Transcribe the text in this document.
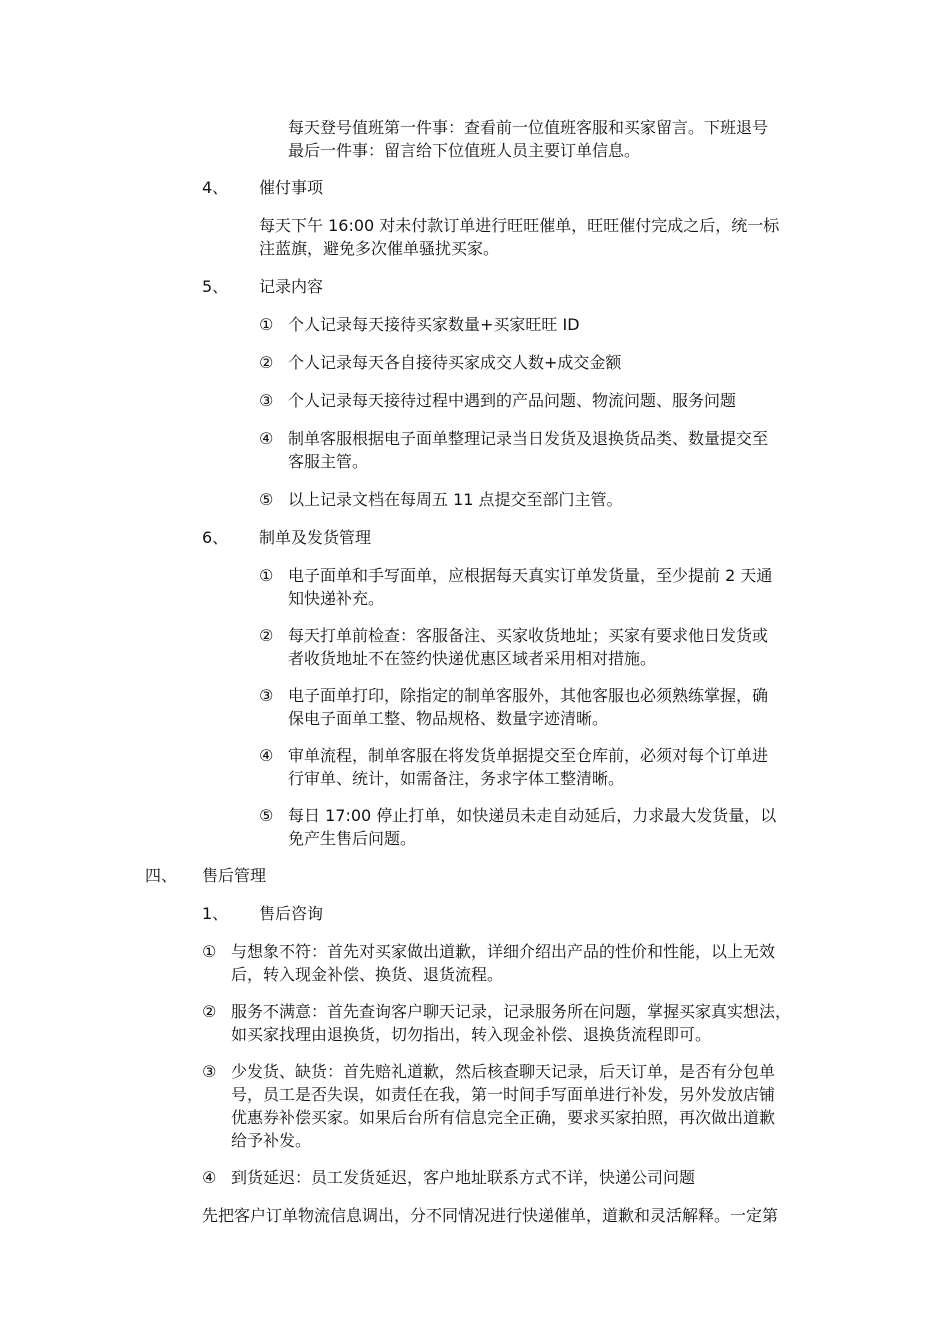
每天登号值班第一件事：查看前一位值班客服和买家留言。下班退号
最后一件事：留言给下位值班人员主要订单信息。
4、 催付事项
每天下午 16:00 对未付款订单进行旺旺催单，旺旺催付完成之后，统一标
注蓝旗，避免多次催单骚扰买家。
5、 记录内容
① 个人记录每天接待买家数量+买家旺旺 ID
② 个人记录每天各自接待买家成交人数+成交金额
③ 个人记录每天接待过程中遇到的产品问题、物流问题、服务问题
④ 制单客服根据电子面单整理记录当日发货及退换货品类、数量提交至
客服主管。
⑤ 以上记录文档在每周五 11 点提交至部门主管。
6、 制单及发货管理
① 电子面单和手写面单，应根据每天真实订单发货量，至少提前 2 天通
知快递补充。
② 每天打单前检查：客服备注、买家收货地址；买家有要求他日发货或
者收货地址不在签约快递优惠区域者采用相对措施。
③ 电子面单打印，除指定的制单客服外，其他客服也必须熟练掌握，确
保电子面单工整、物品规格、数量字迹清晰。
④ 审单流程，制单客服在将发货单据提交至仓库前，必须对每个订单进
行审单、统计，如需备注，务求字体工整清晰。
⑤ 每日 17:00 停止打单，如快递员未走自动延后，力求最大发货量，以
免产生售后问题。
四、 售后管理
1、 售后咨询
① 与想象不符：首先对买家做出道歉，详细介绍出产品的性价和性能，以上无效
后，转入现金补偿、换货、退货流程。
② 服务不满意：首先查询客户聊天记录，记录服务所在问题，掌握买家真实想法，
如买家找理由退换货，切勿指出，转入现金补偿、退换货流程即可。
③ 少发货、缺货：首先赔礼道歉，然后核查聊天记录，后天订单，是否有分包单
号，员工是否失误，如责任在我，第一时间手写面单进行补发，另外发放店铺
优惠券补偿买家。如果后台所有信息完全正确，要求买家拍照，再次做出道歉
给予补发。
④ 到货延迟：员工发货延迟，客户地址联系方式不详，快递公司问题
先把客户订单物流信息调出，分不同情况进行快递催单，道歉和灵活解释。一定第
